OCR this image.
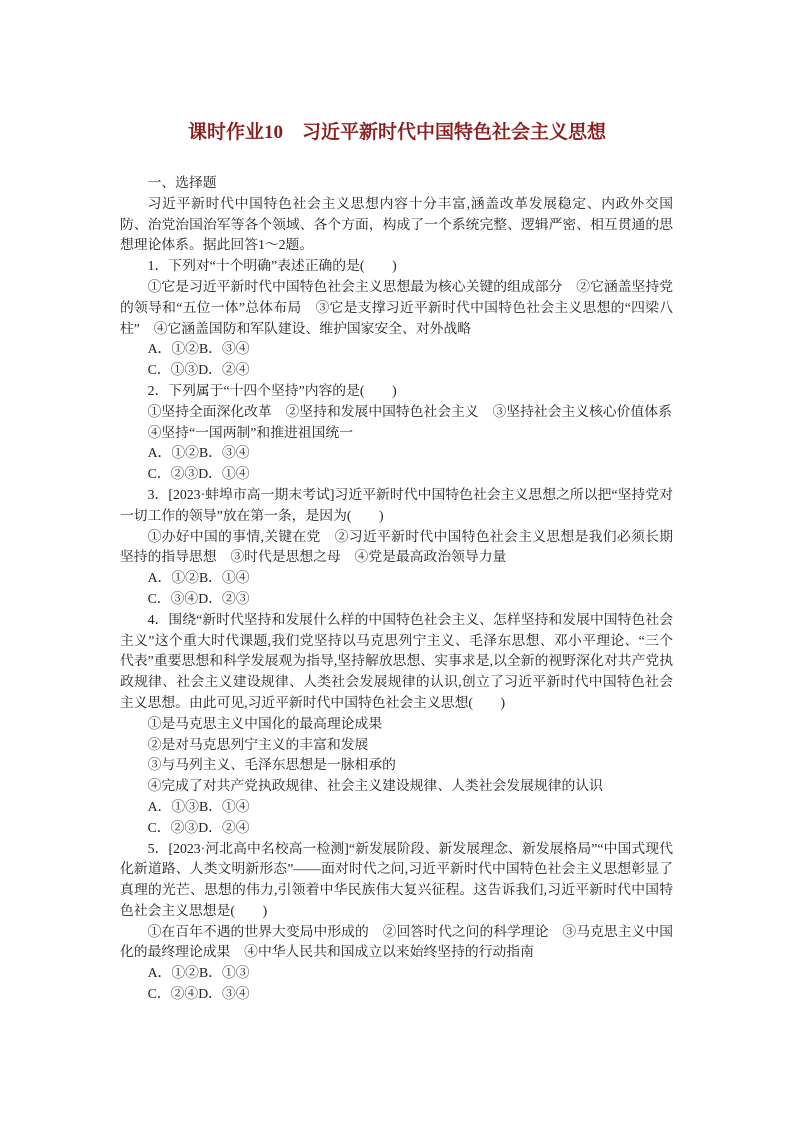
课时作业10　习近平新时代中国特色社会主义思想

一、选择题

习近平新时代中国特色社会主义思想内容十分丰富,涵盖改革发展稳定、内政外交国防、治党治国治军等各个领域、各个方面，构成了一个系统完整、逻辑严密、相互贯通的思想理论体系。据此回答1～2题。

1．下列对“十个明确”表述正确的是(　　)

①它是习近平新时代中国特色社会主义思想最为核心关键的组成部分　②它涵盖坚持党的领导和“五位一体”总体布局　③它是支撑习近平新时代中国特色社会主义思想的“四梁八柱”　④它涵盖国防和军队建设、维护国家安全、对外战略

A．①②B．③④

C．①③D．②④

2．下列属于“十四个坚持”内容的是(　　)

①坚持全面深化改革　②坚持和发展中国特色社会主义　③坚持社会主义核心价值体系

④坚持“一国两制”和推进祖国统一

A．①②B．③④

C．②③D．①④

3．[2023·蚌埠市高一期末考试]习近平新时代中国特色社会主义思想之所以把“坚持党对一切工作的领导”放在第一条，是因为(　　)

①办好中国的事情,关键在党　②习近平新时代中国特色社会主义思想是我们必须长期坚持的指导思想　③时代是思想之母　④党是最高政治领导力量

A．①②B．①④

C．③④D．②③

4．围绕“新时代坚持和发展什么样的中国特色社会主义、怎样坚持和发展中国特色社会主义”这个重大时代课题,我们党坚持以马克思列宁主义、毛泽东思想、邓小平理论、“三个代表”重要思想和科学发展观为指导,坚持解放思想、实事求是,以全新的视野深化对共产党执政规律、社会主义建设规律、人类社会发展规律的认识,创立了习近平新时代中国特色社会主义思想。由此可见,习近平新时代中国特色社会主义思想(　　)

①是马克思主义中国化的最高理论成果

②是对马克思列宁主义的丰富和发展

③与马列主义、毛泽东思想是一脉相承的

④完成了对共产党执政规律、社会主义建设规律、人类社会发展规律的认识

A．①③B．①④

C．②③D．②④

5．[2023·河北高中名校高一检测]“新发展阶段、新发展理念、新发展格局”“中国式现代化新道路、人类文明新形态”——面对时代之问,习近平新时代中国特色社会主义思想彰显了真理的光芒、思想的伟力,引领着中华民族伟大复兴征程。这告诉我们,习近平新时代中国特色社会主义思想是(　　)

①在百年不遇的世界大变局中形成的　②回答时代之问的科学理论　③马克思主义中国化的最终理论成果　④中华人民共和国成立以来始终坚持的行动指南

A．①②B．①③

C．②④D．③④
